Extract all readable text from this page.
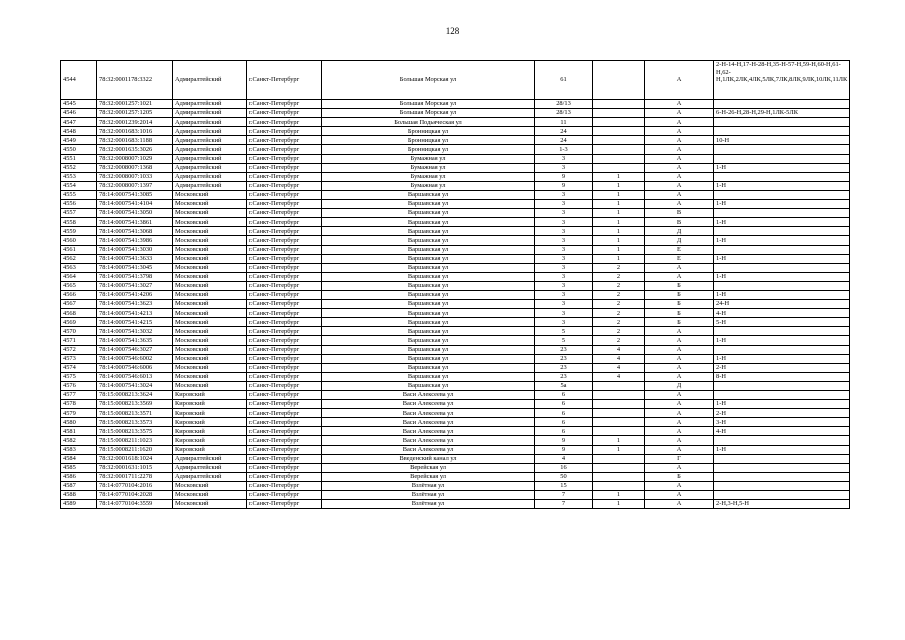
128
4544	78:32:0001178:3322	Адмиралтейский	г.Санкт-Петербург	Большая Морская ул	61		А	2-Н-14-Н,17-Н-28-Н,35-Н-57-Н,59-Н,60-Н,61-Н,62-Н,1ЛК,2ЛК,4ЛК,5ЛК,7ЛК,8ЛК,9ЛК,10ЛК,11ЛК
4545	78:32:0001257:1021	Адмиралтейский	г.Санкт-Петербург	Большая Морская ул	28/13		А	
4546	78:32:0001257:1205	Адмиралтейский	г.Санкт-Петербург	Большая Морская ул	28/13		А	6-Н-26-Н,28-Н,29-Н,1ЛК-5ЛК
4547	78:32:0001239:2014	Адмиралтейский	г.Санкт-Петербург	Большая Подьяческая ул	11		А	
4548	78:32:0001683:1016	Адмиралтейский	г.Санкт-Петербург	Бронницкая ул	24		А	
4549	78:32:0001683:1188	Адмиралтейский	г.Санкт-Петербург	Бронницкая ул	24		А	10-Н
4550	78:32:0001635:3026	Адмиралтейский	г.Санкт-Петербург	Бронницкая ул	1-3		А	
4551	78:32:0008007:1029	Адмиралтейский	г.Санкт-Петербург	Бумажная ул	3		А	
4552	78:32:0008007:1368	Адмиралтейский	г.Санкт-Петербург	Бумажная ул	3		А	1-Н
4553	78:32:0008007:1033	Адмиралтейский	г.Санкт-Петербург	Бумажная ул	9	1	А	
4554	78:32:0008007:1397	Адмиралтейский	г.Санкт-Петербург	Бумажная ул	9	1	А	1-Н
4555	78:14:0007541:3085	Московский	г.Санкт-Петербург	Варшавская ул	3	1	А	
4556	78:14:0007541:4104	Московский	г.Санкт-Петербург	Варшавская ул	3	1	А	1-Н
4557	78:14:0007541:3050	Московский	г.Санкт-Петербург	Варшавская ул	3	1	В	
4558	78:14:0007541:3861	Московский	г.Санкт-Петербург	Варшавская ул	3	1	В	1-Н
4559	78:14:0007541:3068	Московский	г.Санкт-Петербург	Варшавская ул	3	1	Д	
4560	78:14:0007541:3986	Московский	г.Санкт-Петербург	Варшавская ул	3	1	Д	1-Н
4561	78:14:0007541:3030	Московский	г.Санкт-Петербург	Варшавская ул	3	1	Е	
4562	78:14:0007541:3633	Московский	г.Санкт-Петербург	Варшавская ул	3	1	Е	1-Н
4563	78:14:0007541:3045	Московский	г.Санкт-Петербург	Варшавская ул	3	2	А	
4564	78:14:0007541:3798	Московский	г.Санкт-Петербург	Варшавская ул	3	2	А	1-Н
4565	78:14:0007541:3027	Московский	г.Санкт-Петербург	Варшавская ул	3	2	Б	
4566	78:14:0007541:4206	Московский	г.Санкт-Петербург	Варшавская ул	3	2	Б	1-Н
4567	78:14:0007541:3623	Московский	г.Санкт-Петербург	Варшавская ул	3	2	Б	24-Н
4568	78:14:0007541:4213	Московский	г.Санкт-Петербург	Варшавская ул	3	2	Б	4-Н
4569	78:14:0007541:4215	Московский	г.Санкт-Петербург	Варшавская ул	3	2	Б	5-Н
4570	78:14:0007541:3032	Московский	г.Санкт-Петербург	Варшавская ул	5	2	А	
4571	78:14:0007541:3635	Московский	г.Санкт-Петербург	Варшавская ул	5	2	А	1-Н
4572	78:14:0007546:3027	Московский	г.Санкт-Петербург	Варшавская ул	23	4	А	
4573	78:14:0007546:6002	Московский	г.Санкт-Петербург	Варшавская ул	23	4	А	1-Н
4574	78:14:0007546:6006	Московский	г.Санкт-Петербург	Варшавская ул	23	4	А	2-Н
4575	78:14:0007546:6013	Московский	г.Санкт-Петербург	Варшавская ул	23	4	А	8-Н
4576	78:14:0007541:3024	Московский	г.Санкт-Петербург	Варшавская ул	5а		Д	
4577	78:15:0008213:3624	Кировский	г.Санкт-Петербург	Васи Алексеева ул	6		А	
4578	78:15:0008213:3569	Кировский	г.Санкт-Петербург	Васи Алексеева ул	6		А	1-Н
4579	78:15:0008213:3571	Кировский	г.Санкт-Петербург	Васи Алексеева ул	6		А	2-Н
4580	78:15:0008213:3573	Кировский	г.Санкт-Петербург	Васи Алексеева ул	6		А	3-Н
4581	78:15:0008213:3575	Кировский	г.Санкт-Петербург	Васи Алексеева ул	6		А	4-Н
4582	78:15:0008211:1023	Кировский	г.Санкт-Петербург	Васи Алексеева ул	9	1	А	
4583	78:15:0008211:1620	Кировский	г.Санкт-Петербург	Васи Алексеева ул	9	1	А	1-Н
4584	78:32:0001618:1024	Адмиралтейский	г.Санкт-Петербург	Введенский канал ул	4		Г	
4585	78:32:0001631:1015	Адмиралтейский	г.Санкт-Петербург	Верейская ул	16		А	
4586	78:32:0001711:2278	Адмиралтейский	г.Санкт-Петербург	Верейская ул	50		Б	
4587	78:14:0770104:2016	Московский	г.Санкт-Петербург	Взлётная ул	15		А	
4588	78:14:0770104:2028	Московский	г.Санкт-Петербург	Взлётная ул	7	1	А	
4589	78:14:0770104:3559	Московский	г.Санкт-Петербург	Взлётная ул	7	1	А	2-Н,3-Н,5-Н
